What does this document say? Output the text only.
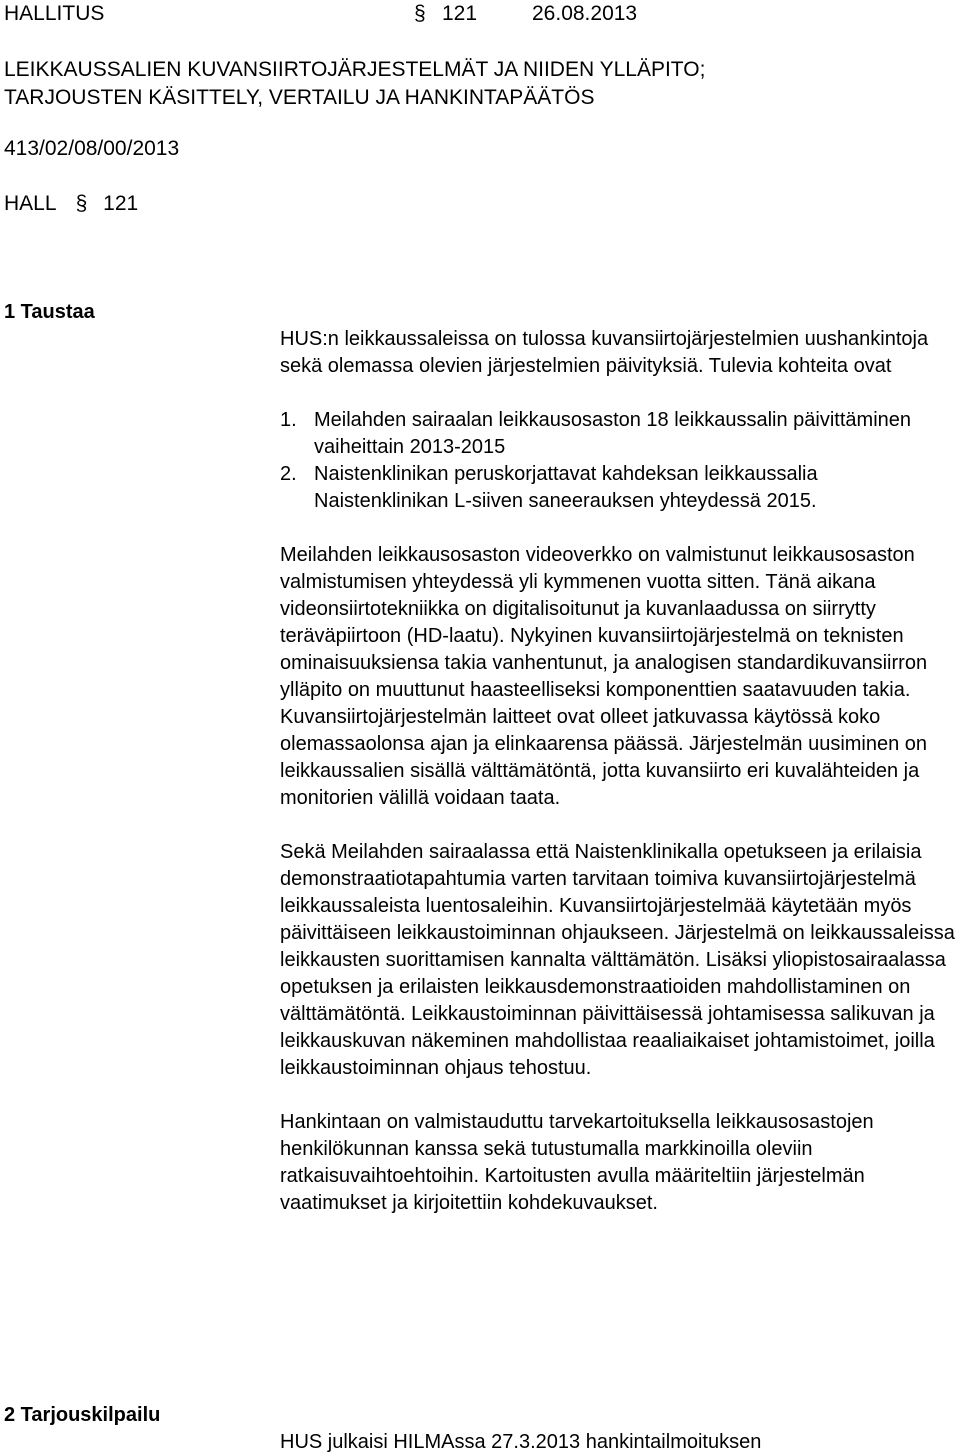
HALLITUS	§ 121	26.08.2013
LEIKKAUSSALIEN KUVANSIIRTOJÄRJESTELMÄT JA NIIDEN YLLÄPITO;
TARJOUSTEN KÄSITTELY, VERTAILU JA HANKINTAPÄÄTÖS
413/02/08/00/2013
HALL § 121
1 Taustaa

HUS:n leikkaussaleissa on tulossa kuvansiirtojärjestelmien uushankintoja sekä olemassa olevien järjestelmien päivityksiä. Tulevia kohteita ovat

1. Meilahden sairaalan leikkausosaston 18 leikkaussalin päivittäminen vaiheittain 2013-2015
2. Naistenklinikan peruskorjattavat kahdeksan leikkaussalia Naistenklinikan L-siiven saneerauksen yhteydessä 2015.

Meilahden leikkausosaston videoverkko on valmistunut leikkausosaston valmistumisen yhteydessä yli kymmenen vuotta sitten. Tänä aikana videonsiirtotekniikka on digitalisoitunut ja kuvanlaadussa on siirrytty teräväpiirtoon (HD-laatu). Nykyinen kuvansiirtojärjestelmä on teknisten ominaisuuksiensa takia vanhentunut, ja analogisen standardikuvansiirron ylläpito on muuttunut haasteelliseksi komponenttien saatavuuden takia. Kuvansiirtojärjestelmän laitteet ovat olleet jatkuvassa käytössä koko olemassaolonsa ajan ja elinkaarensa päässä. Järjestelmän uusiminen on leikkaussalien sisällä välttämätöntä, jotta kuvansiirto eri kuvalähteiden ja monitorien välillä voidaan taata.

Sekä Meilahden sairaalassa että Naistenklinikalla opetukseen ja erilaisia demonstraatiotapahtumia varten tarvitaan toimiva kuvansiirtojärjestelmä leikkaussaleista luentosaleihin. Kuvansiirtojärjestelmää käytetään myös päivittäiseen leikkaustoiminnan ohjaukseen. Järjestelmä on leikkaussaleissa leikkausten suorittamisen kannalta välttämätön. Lisäksi yliopistosairaalassa opetuksen ja erilaisten leikkausdemonstraatioiden mahdollistaminen on välttämätöntä. Leikkaustoiminnan päivittäisessä johtamisessa salikuvan ja leikkauskuvan näkeminen mahdollistaa reaaliaikaiset johtamistoimet, joilla leikkaustoiminnan ohjaus tehostuu.

Hankintaan on valmistauduttu tarvekartoituksella leikkausosastojen henkilökunnan kanssa sekä tutustumalla markkinoilla oleviin ratkaisuvaihtoehtoihin. Kartoitusten avulla määriteltiin järjestelmän vaatimukset ja kirjoitettiin kohdekuvaukset.

2 Tarjouskilpailu

HUS julkaisi HILMAssa 27.3.2013 hankintailmoituksen
